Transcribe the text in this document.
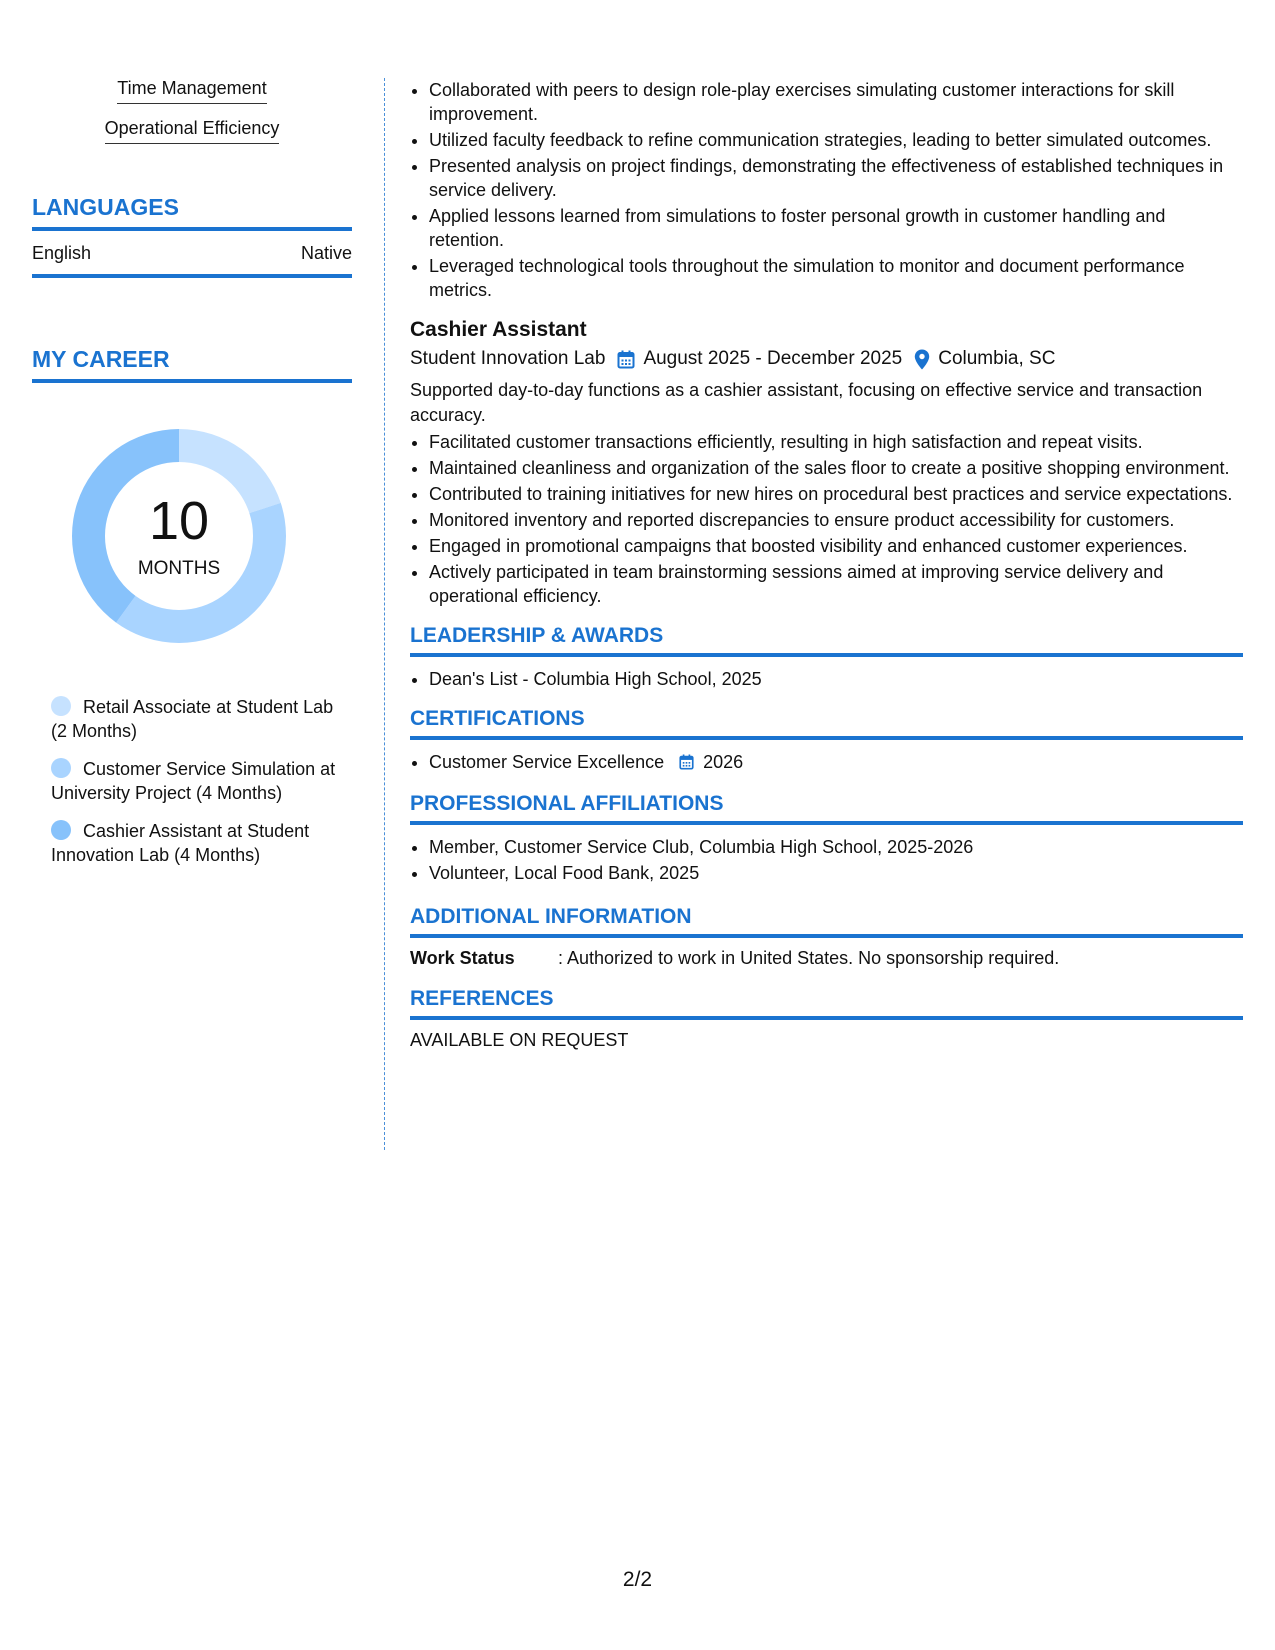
Time Management
Operational Efficiency
LANGUAGES
English	Native
MY CAREER
10
MONTHS
Retail Associate at Student Lab (2 Months)
Customer Service Simulation at University Project (4 Months)
Cashier Assistant at Student Innovation Lab (4 Months)
• Collaborated with peers to design role-play exercises simulating customer interactions for skill improvement.
• Utilized faculty feedback to refine communication strategies, leading to better simulated outcomes.
• Presented analysis on project findings, demonstrating the effectiveness of established techniques in service delivery.
• Applied lessons learned from simulations to foster personal growth in customer handling and retention.
• Leveraged technological tools throughout the simulation to monitor and document performance metrics.
Cashier Assistant
Student Innovation Lab August 2025 - December 2025 Columbia, SC
Supported day-to-day functions as a cashier assistant, focusing on effective service and transaction accuracy.
• Facilitated customer transactions efficiently, resulting in high satisfaction and repeat visits.
• Maintained cleanliness and organization of the sales floor to create a positive shopping environment.
• Contributed to training initiatives for new hires on procedural best practices and service expectations.
• Monitored inventory and reported discrepancies to ensure product accessibility for customers.
• Engaged in promotional campaigns that boosted visibility and enhanced customer experiences.
• Actively participated in team brainstorming sessions aimed at improving service delivery and operational efficiency.
LEADERSHIP & AWARDS
• Dean's List - Columbia High School, 2025
CERTIFICATIONS
• Customer Service Excellence 2026
PROFESSIONAL AFFILIATIONS
• Member, Customer Service Club, Columbia High School, 2025-2026
• Volunteer, Local Food Bank, 2025
ADDITIONAL INFORMATION
Work Status	: Authorized to work in United States. No sponsorship required.
REFERENCES
AVAILABLE ON REQUEST
2/2
